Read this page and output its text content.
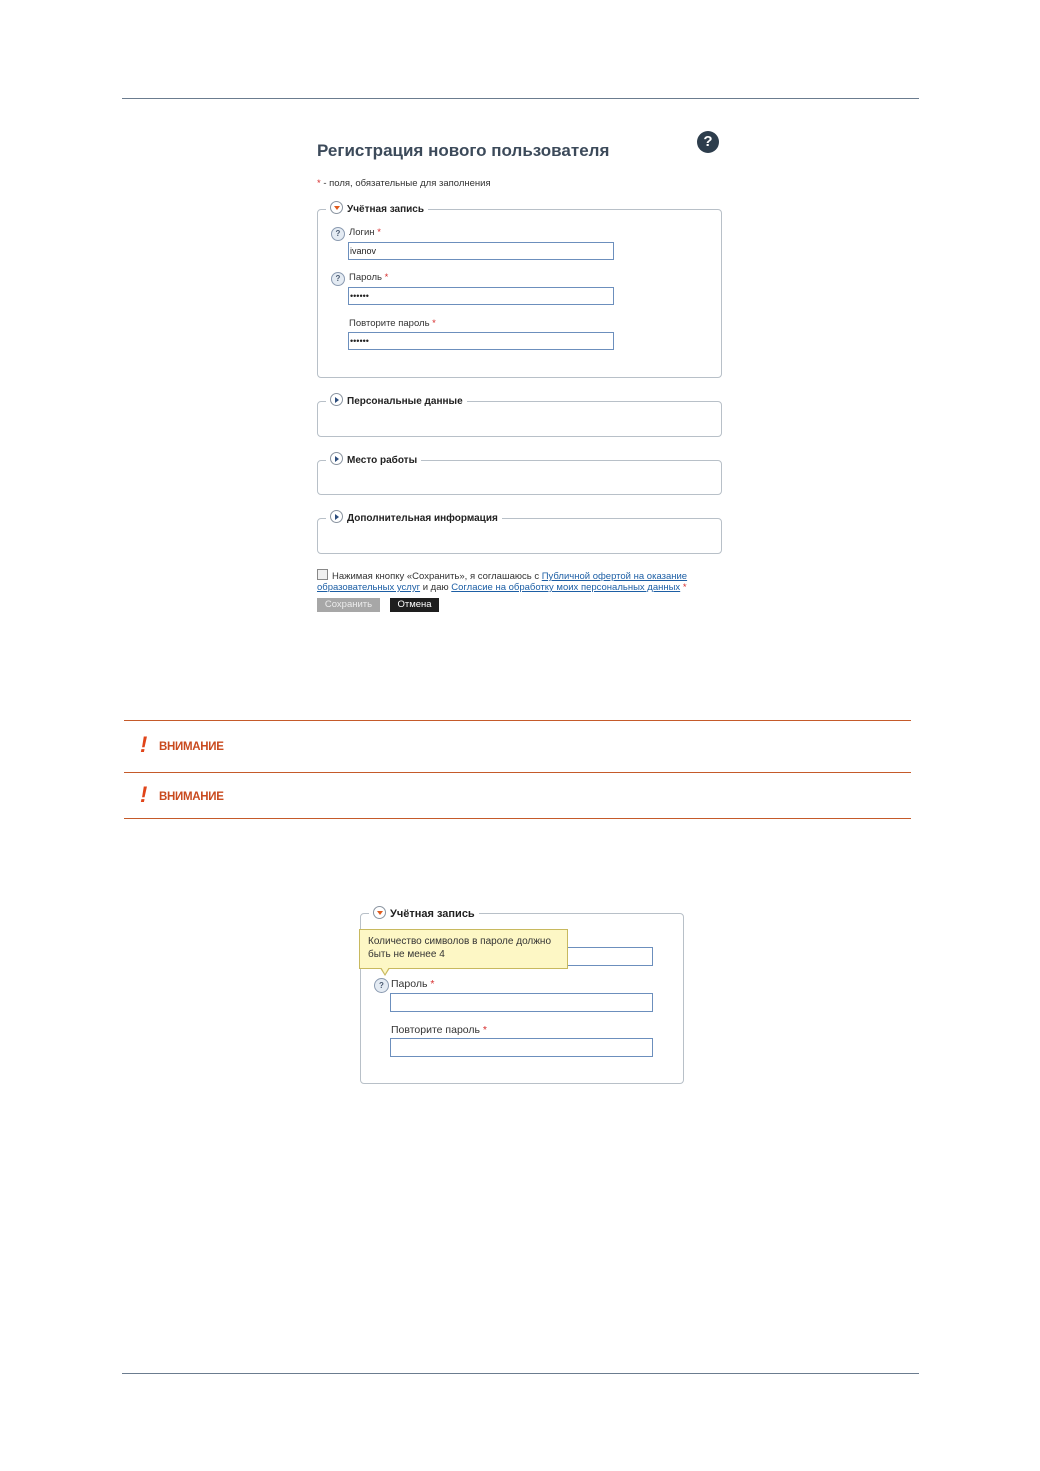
Регистрация нового пользователя	?
* - поля, обязательные для заполнения
Учётная запись
? Логин *
ivanov
? Пароль *
••••••
Повторите пароль *
••••••
Персональные данные
Место работы
Дополнительная информация
Нажимая кнопку «Сохранить», я соглашаюсь с Публичной офертой на оказание образовательных услуг и даю Согласие на обработку моих персональных данных *
Сохранить	Отмена
! ВНИМАНИЕ
! ВНИМАНИЕ
Учётная запись
Количество символов в пароле должно быть не менее 4
? Пароль *
Повторите пароль *
